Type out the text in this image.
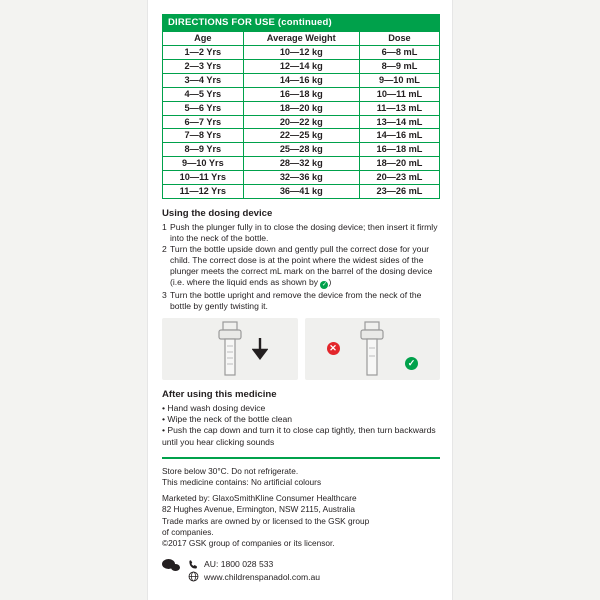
DIRECTIONS FOR USE (continued)
Age	Average Weight	Dose
1—2 Yrs	10—12 kg	6—8 mL
2—3 Yrs	12—14 kg	8—9 mL
3—4 Yrs	14—16 kg	9—10 mL
4—5 Yrs	16—18 kg	10—11 mL
5—6 Yrs	18—20 kg	11—13 mL
6—7 Yrs	20—22 kg	13—14 mL
7—8 Yrs	22—25 kg	14—16 mL
8—9 Yrs	25—28 kg	16—18 mL
9—10 Yrs	28—32 kg	18—20 mL
10—11 Yrs	32—36 kg	20—23 mL
11—12 Yrs	36—41 kg	23—26 mL
Using the dosing device
1 Push the plunger fully in to close the dosing device; then insert it firmly into the neck of the bottle.
2 Turn the bottle upside down and gently pull the correct dose for your child. The correct dose is at the point where the widest sides of the plunger meets the correct mL mark on the barrel of the dosing device (i.e. where the liquid ends as shown by ✓)
3 Turn the bottle upright and remove the device from the neck of the bottle by gently twisting it.
✕
✓
After using this medicine
• Hand wash dosing device
• Wipe the neck of the bottle clean
• Push the cap down and turn it to close cap tightly, then turn backwards until you hear clicking sounds

Store below 30°C. Do not refrigerate.

This medicine contains: No artificial colours

Marketed by: GlaxoSmithKline Consumer Healthcare

82 Hughes Avenue, Ermington, NSW 2115, Australia

Trade marks are owned by or licensed to the GSK group

of companies.

©2017 GSK group of companies or its licensor.

AU: 1800 028 533
www.childrenspanadol.com.au
